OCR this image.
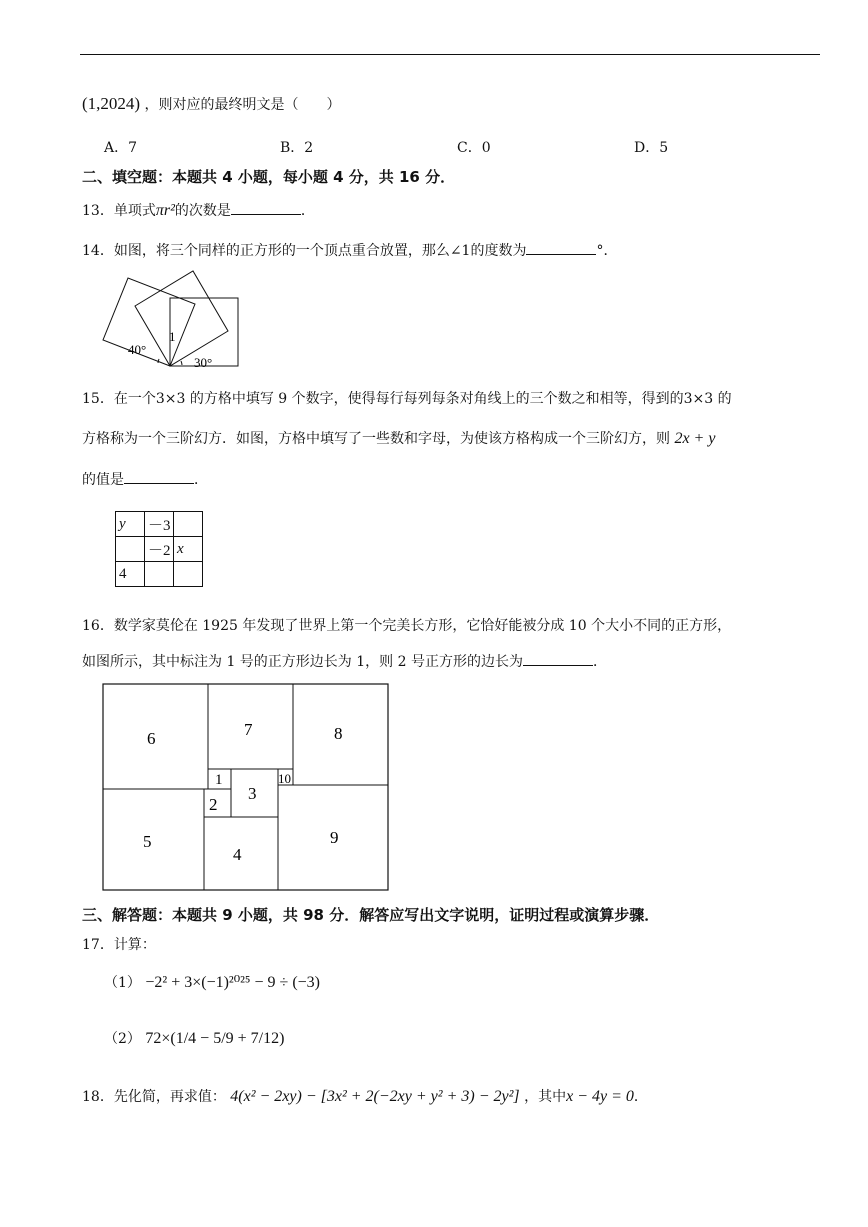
(1,2024) ，则对应的最终明文是（　　）
A．7	B．2	C．0	D．5
二、填空题：本题共 4 小题，每小题 4 分，共 16 分．
13．单项式πr²的次数是	．
14．如图，将三个同样的正方形的一个顶点重合放置，那么∠1的度数为	°．
40°
30°
1
15．在一个3×3 的方格中填写 9 个数字，使得每行每列每条对角线上的三个数之和相等，得到的3×3 的
方格称为一个三阶幻方．如图，方格中填写了一些数和字母，为使该方格构成一个三阶幻方，则 2x + y
的值是	．
y	－3	
	－2	x
4		
16．数学家莫伦在 1925 年发现了世界上第一个完美长方形，它恰好能被分成 10 个大小不同的正方形，
如图所示，其中标注为 1 号的正方形边长为 1，则 2 号正方形的边长为	．
6	7	8
1
2
3
10
5
4
9
三、解答题：本题共 9 小题，共 98 分．解答应写出文字说明，证明过程或演算步骤．
17．计算：
（1） −2² + 3×(−1)²⁰²⁵ − 9 ÷ (−3)
（2） 72×(1/4 − 5/9 + 7/12)
18．先化简，再求值： 4(x² − 2xy) − [3x² + 2(−2xy + y² + 3) − 2y²] ，其中x − 4y = 0．
